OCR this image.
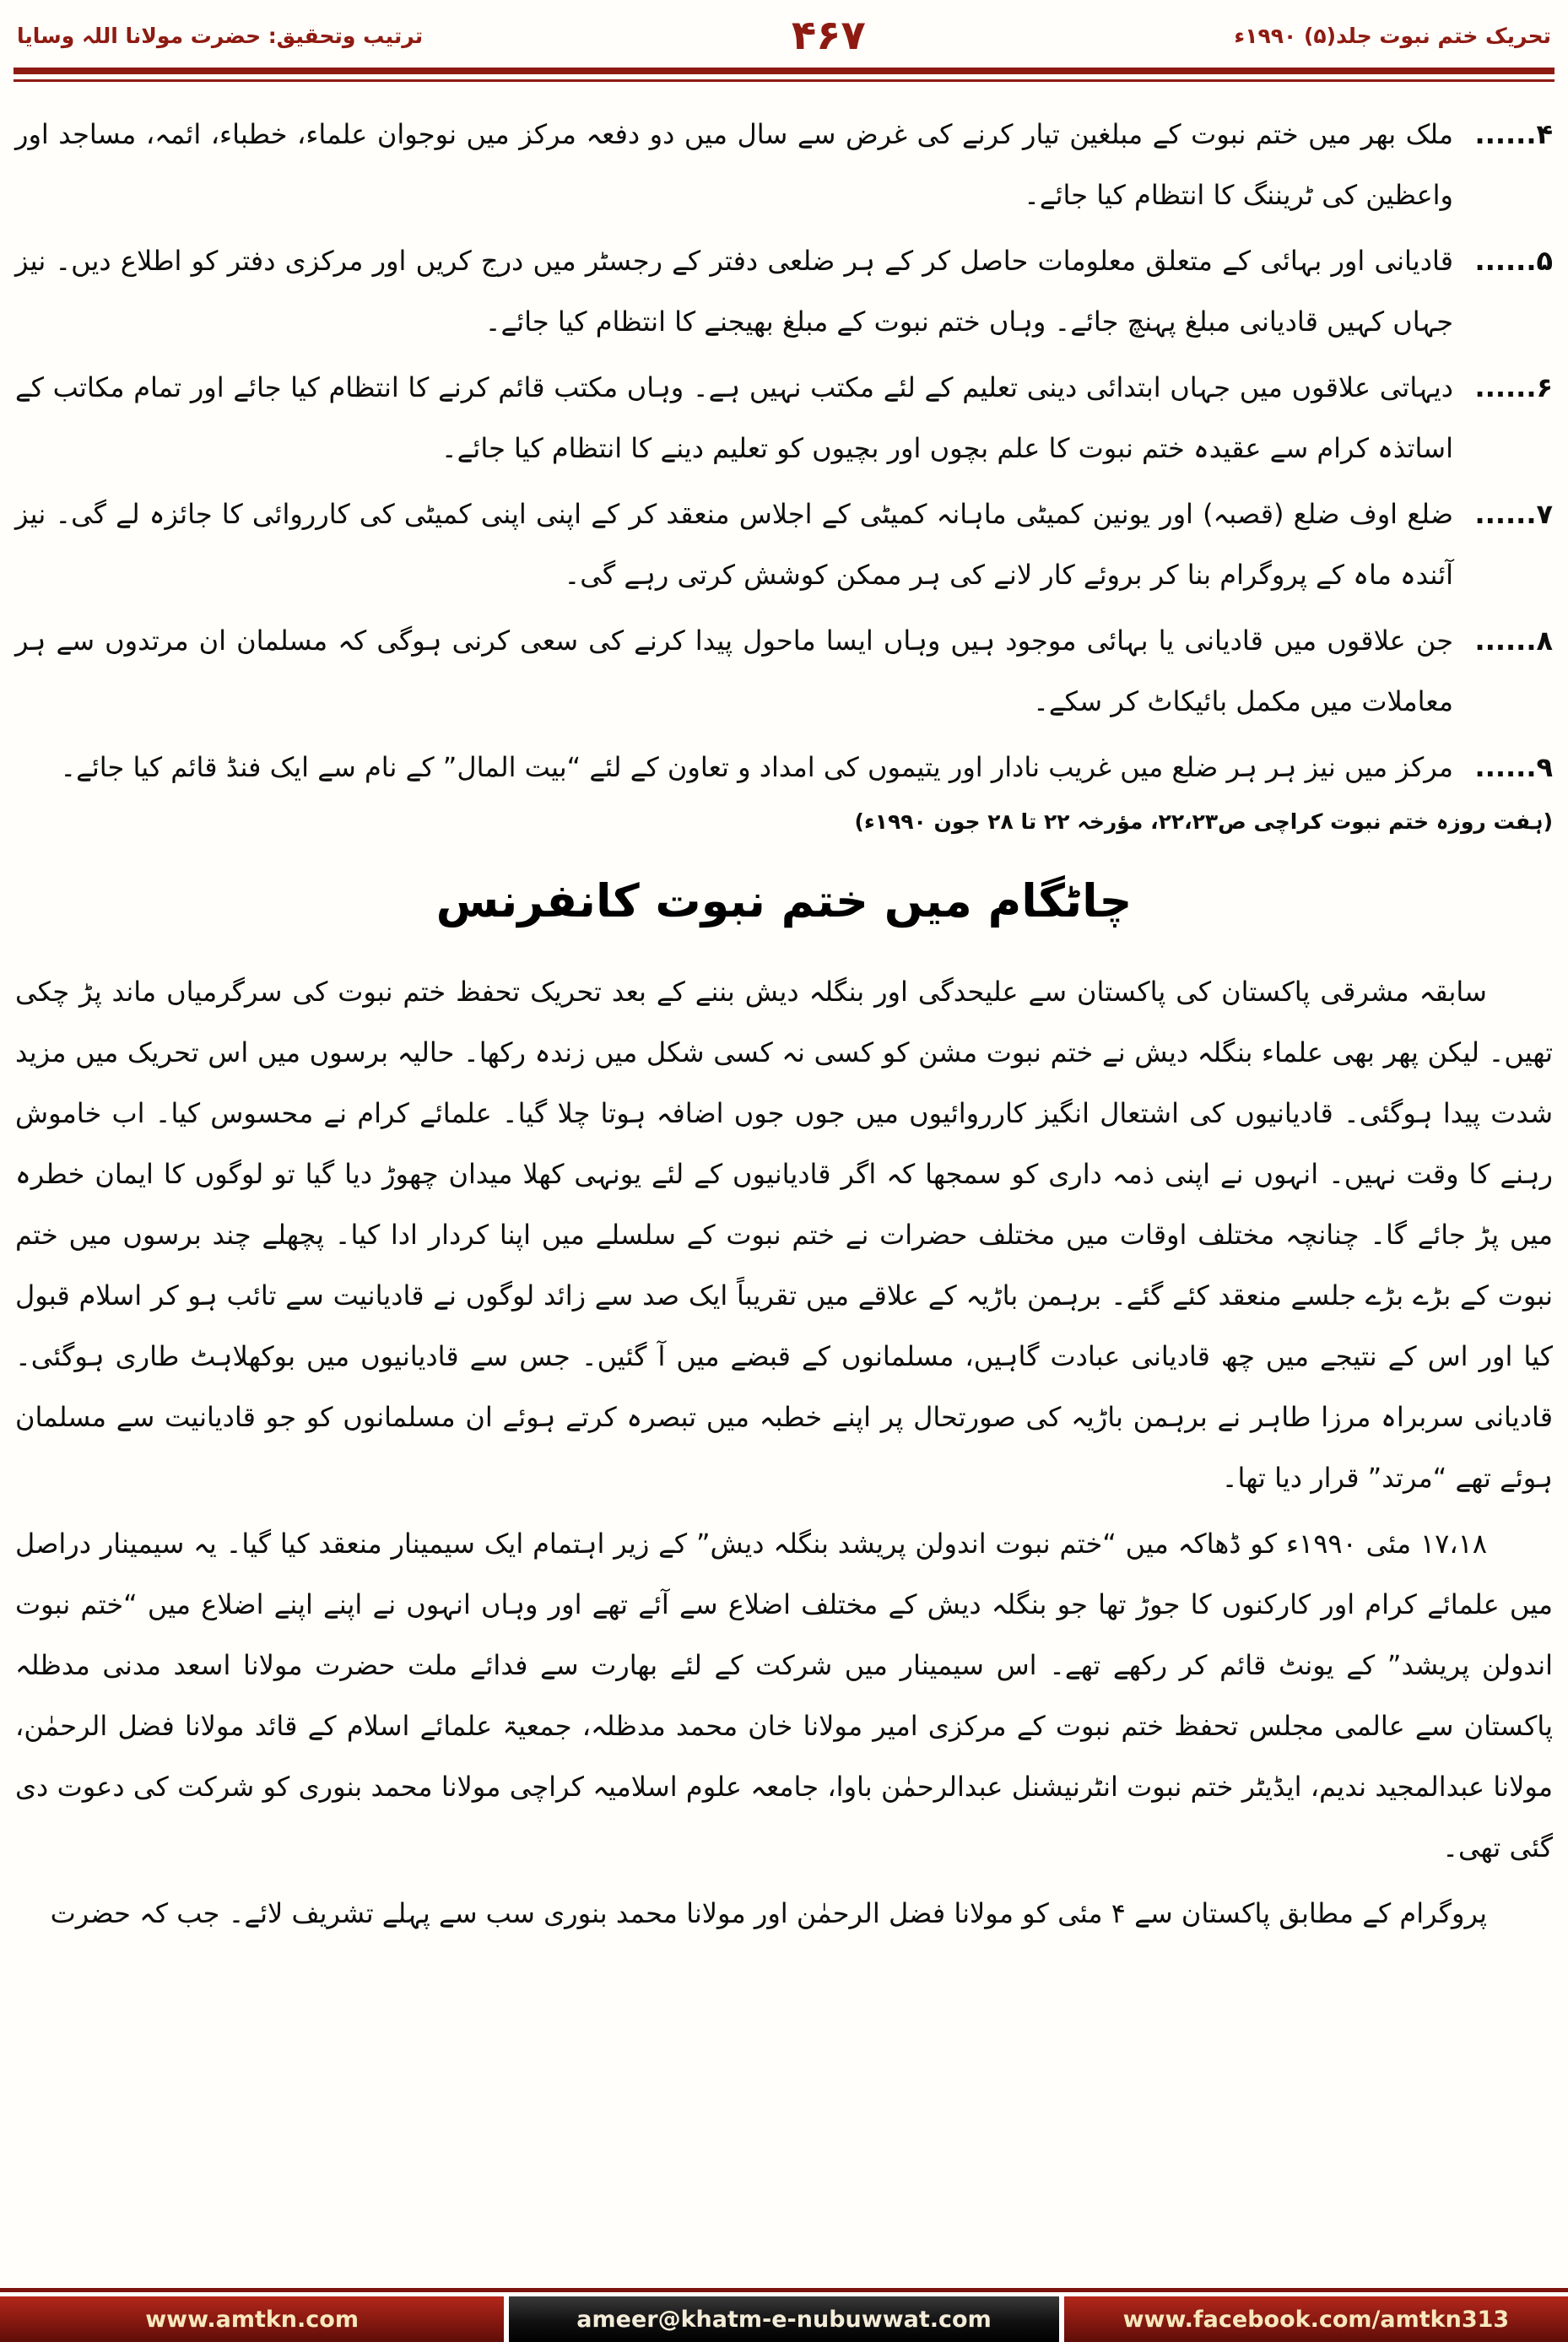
تحریک ختم نبوت جلد(۵) ۱۹۹۰ء
۴۶۷
ترتیب وتحقیق: حضرت مولانا اللہ وسایا
۴......
ملک بھر میں ختم نبوت کے مبلغین تیار کرنے کی غرض سے سال میں دو دفعہ مرکز میں نوجوان علماء، خطباء، ائمہ، مساجد اور واعظین کی ٹریننگ کا انتظام کیا جائے۔
۵......
قادیانی اور بہائی کے متعلق معلومات حاصل کر کے ہر ضلعی دفتر کے رجسٹر میں درج کریں اور مرکزی دفتر کو اطلاع دیں۔ نیز جہاں کہیں قادیانی مبلغ پہنچ جائے۔ وہاں ختم نبوت کے مبلغ بھیجنے کا انتظام کیا جائے۔
۶......
دیہاتی علاقوں میں جہاں ابتدائی دینی تعلیم کے لئے مکتب نہیں ہے۔ وہاں مکتب قائم کرنے کا انتظام کیا جائے اور تمام مکاتب کے اساتذہ کرام سے عقیدہ ختم نبوت کا علم بچوں اور بچیوں کو تعلیم دینے کا انتظام کیا جائے۔
۷......
ضلع اوف ضلع (قصبہ) اور یونین کمیٹی ماہانہ کمیٹی کے اجلاس منعقد کر کے اپنی اپنی کمیٹی کی کارروائی کا جائزہ لے گی۔ نیز آئندہ ماہ کے پروگرام بنا کر بروئے کار لانے کی ہر ممکن کوشش کرتی رہے گی۔
۸......
جن علاقوں میں قادیانی یا بہائی موجود ہیں وہاں ایسا ماحول پیدا کرنے کی سعی کرنی ہوگی کہ مسلمان ان مرتدوں سے ہر معاملات میں مکمل بائیکاٹ کر سکے۔
۹......
مرکز میں نیز ہر ہر ضلع میں غریب نادار اور یتیموں کی امداد و تعاون کے لئے “بیت المال” کے نام سے ایک فنڈ قائم کیا جائے۔
(ہفت روزہ ختم نبوت کراچی ص۲۲،۲۳، مؤرخہ ۲۲ تا ۲۸ جون ۱۹۹۰ء)
چاٹگام میں ختم نبوت کانفرنس

سابقہ مشرقی پاکستان کی پاکستان سے علیحدگی اور بنگلہ دیش بننے کے بعد تحریک تحفظ ختم نبوت کی سرگرمیاں ماند پڑ چکی تھیں۔ لیکن پھر بھی علماء بنگلہ دیش نے ختم نبوت مشن کو کسی نہ کسی شکل میں زندہ رکھا۔ حالیہ برسوں میں اس تحریک میں مزید شدت پیدا ہوگئی۔ قادیانیوں کی اشتعال انگیز کارروائیوں میں جوں جوں اضافہ ہوتا چلا گیا۔ علمائے کرام نے محسوس کیا۔ اب خاموش رہنے کا وقت نہیں۔ انہوں نے اپنی ذمہ داری کو سمجھا کہ اگر قادیانیوں کے لئے یونہی کھلا میدان چھوڑ دیا گیا تو لوگوں کا ایمان خطرہ میں پڑ جائے گا۔ چنانچہ مختلف اوقات میں مختلف حضرات نے ختم نبوت کے سلسلے میں اپنا کردار ادا کیا۔ پچھلے چند برسوں میں ختم نبوت کے بڑے بڑے جلسے منعقد کئے گئے۔ برہمن باڑیہ کے علاقے میں تقریباً ایک صد سے زائد لوگوں نے قادیانیت سے تائب ہو کر اسلام قبول کیا اور اس کے نتیجے میں چھ قادیانی عبادت گاہیں، مسلمانوں کے قبضے میں آ گئیں۔ جس سے قادیانیوں میں بوکھلاہٹ طاری ہوگئی۔ قادیانی سربراہ مرزا طاہر نے برہمن باڑیہ کی صورتحال پر اپنے خطبہ میں تبصرہ کرتے ہوئے ان مسلمانوں کو جو قادیانیت سے مسلمان ہوئے تھے “مرتد” قرار دیا تھا۔

۱۷،۱۸ مئی ۱۹۹۰ء کو ڈھاکہ میں “ختم نبوت اندولن پریشد بنگلہ دیش” کے زیر اہتمام ایک سیمینار منعقد کیا گیا۔ یہ سیمینار دراصل میں علمائے کرام اور کارکنوں کا جوڑ تھا جو بنگلہ دیش کے مختلف اضلاع سے آئے تھے اور وہاں انہوں نے اپنے اپنے اضلاع میں “ختم نبوت اندولن پریشد” کے یونٹ قائم کر رکھے تھے۔ اس سیمینار میں شرکت کے لئے بھارت سے فدائے ملت حضرت مولانا اسعد مدنی مدظلہ پاکستان سے عالمی مجلس تحفظ ختم نبوت کے مرکزی امیر مولانا خان محمد مدظلہ، جمعیۃ علمائے اسلام کے قائد مولانا فضل الرحمٰن، مولانا عبدالمجید ندیم، ایڈیٹر ختم نبوت انٹرنیشنل عبدالرحمٰن باوا، جامعہ علوم اسلامیہ کراچی مولانا محمد بنوری کو شرکت کی دعوت دی گئی تھی۔

پروگرام کے مطابق پاکستان سے ۴ مئی کو مولانا فضل الرحمٰن اور مولانا محمد بنوری سب سے پہلے تشریف لائے۔ جب کہ حضرت

www.amtkn.com	ameer@khatm-e-nubuwwat.com	www.facebook.com/amtkn313
